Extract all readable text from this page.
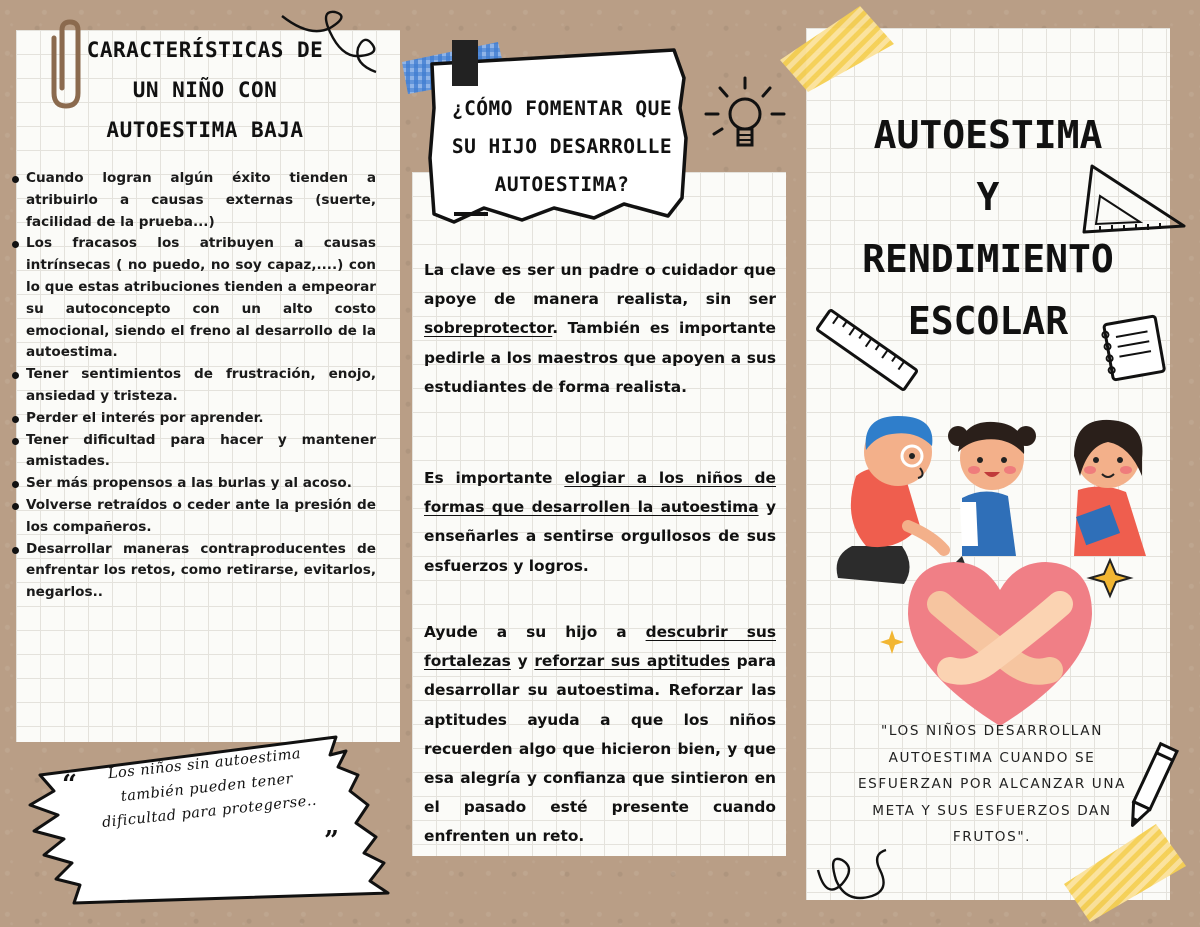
CARACTERÍSTICAS DE
UN NIÑO CON
AUTOESTIMA BAJA
Cuando logran algún éxito tienden a atribuirlo a causas externas (suerte, facilidad de la prueba...)
Los fracasos los atribuyen a causas intrínsecas ( no puedo, no soy capaz,....) con lo que estas atribuciones tienden a empeorar su autoconcepto con un alto costo emocional, siendo el freno al desarrollo de la autoestima.
Tener sentimientos de frustración, enojo, ansiedad y tristeza.
Perder el interés por aprender.
Tener dificultad para hacer y mantener amistades.
Ser más propensos a las burlas y al acoso.
Volverse retraídos o ceder ante la presión de los compañeros.
Desarrollar maneras contraproducentes de enfrentar los retos, como retirarse, evitarlos, negarlos..
“
Los niños sin autoestima también pueden tener dificultad para protegerse..
”
¿CÓMO FOMENTAR QUE
SU HIJO DESARROLLE
AUTOESTIMA?
La clave es ser un padre o cuidador que apoye de manera realista, sin ser sobreprotector. También es importante pedirle a los maestros que apoyen a sus estudiantes de forma realista.
Es importante elogiar a los niños de formas que desarrollen la autoestima y enseñarles a sentirse orgullosos de sus esfuerzos y logros.
Ayude a su hijo a descubrir sus fortalezas y reforzar sus aptitudes para desarrollar su autoestima. Reforzar las aptitudes ayuda a que los niños recuerden algo que hicieron bien, y que esa alegría y confianza que sintieron en el pasado esté presente cuando enfrenten un reto.
AUTOESTIMA
Y
RENDIMIENTO
ESCOLAR
"LOS NIÑOS DESARROLLAN AUTOESTIMA CUANDO SE ESFUERZAN POR ALCANZAR UNA META Y SUS ESFUERZOS DAN FRUTOS".
